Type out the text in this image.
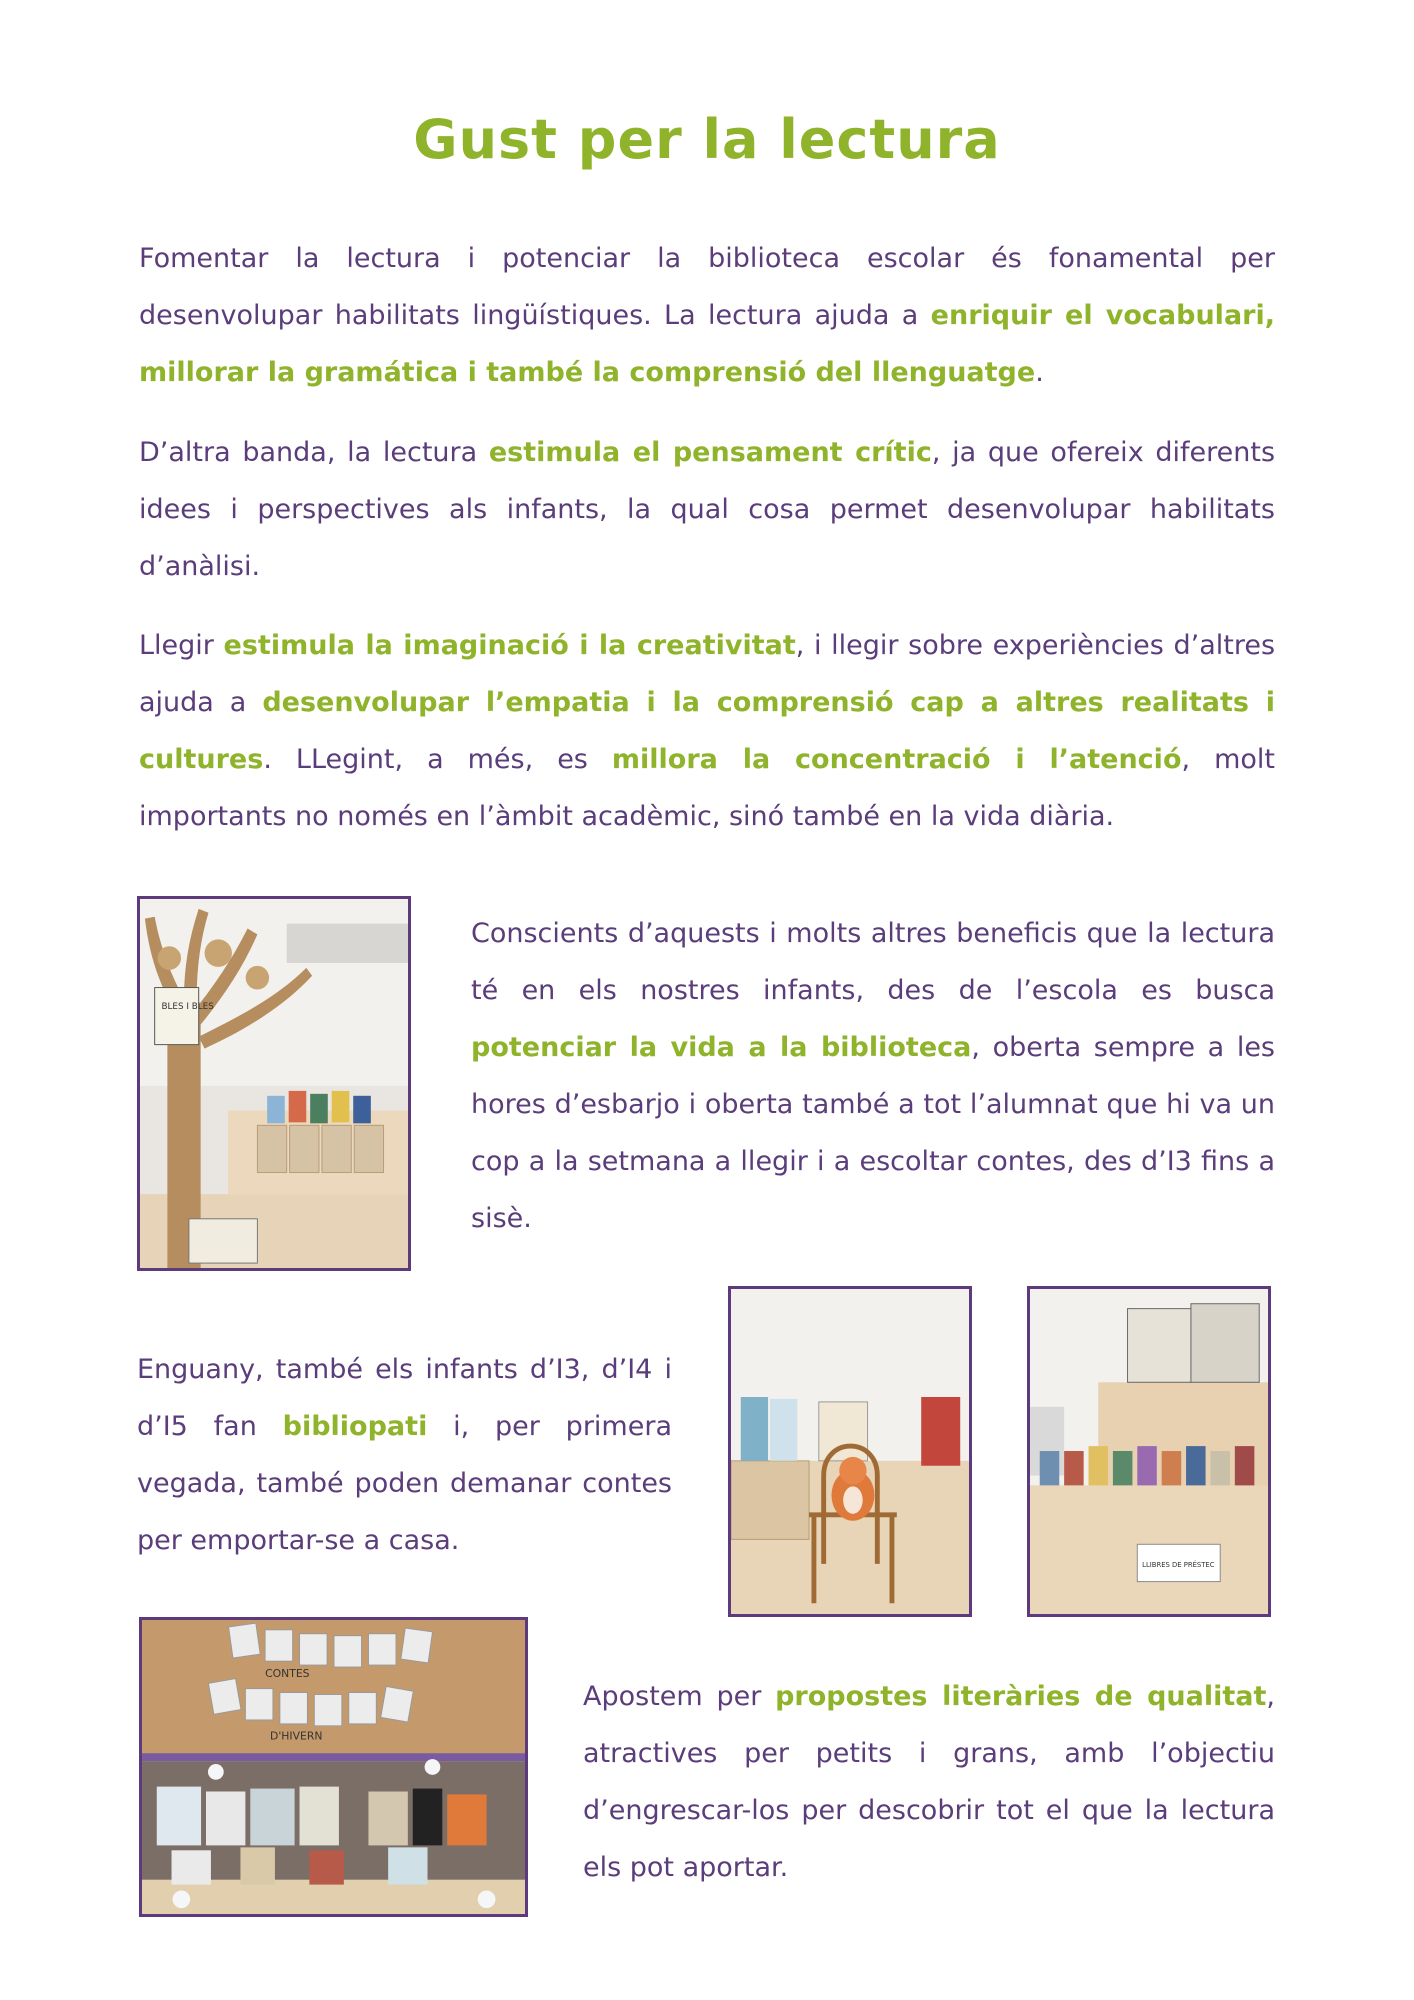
Gust per la lectura

Fomentar la lectura i potenciar la biblioteca escolar és fonamental per desenvolupar habilitats lingüístiques. La lectura ajuda a enriquir el vocabulari, millorar la gramática i també la comprensió del llenguatge.

D’altra banda, la lectura estimula el pensament crític, ja que ofereix diferents idees i perspectives als infants, la qual cosa permet desenvolupar habilitats d’anàlisi.

Llegir estimula la imaginació i la creativitat, i llegir sobre experiències d’altres ajuda a desenvolupar l’empatia i la comprensió cap a altres realitats i cultures. LLegint, a més, es millora la concentració i l’atenció, molt importants no només en l’àmbit acadèmic, sinó també en la vida diària.

BLES I BLES

Conscients d’aquests i molts altres beneficis que la lectura té en els nostres infants, des de l’escola es busca potenciar la vida a la biblioteca, oberta sempre a les hores d’esbarjo i oberta també a tot l’alumnat que hi va un cop a la setmana a llegir i a escoltar contes, des d’I3 fins a sisè.

LLIBRES DE PRÉSTEC

Enguany, també els infants d’I3, d’I4 i d’I5 fan bibliopati i, per primera vegada, també poden demanar contes per emportar-se a casa.

CONTES
D'HIVERN

Apostem per propostes literàries de qualitat, atractives per petits i grans, amb l’objectiu d’engrescar-los per descobrir tot el que la lectura els pot aportar.
